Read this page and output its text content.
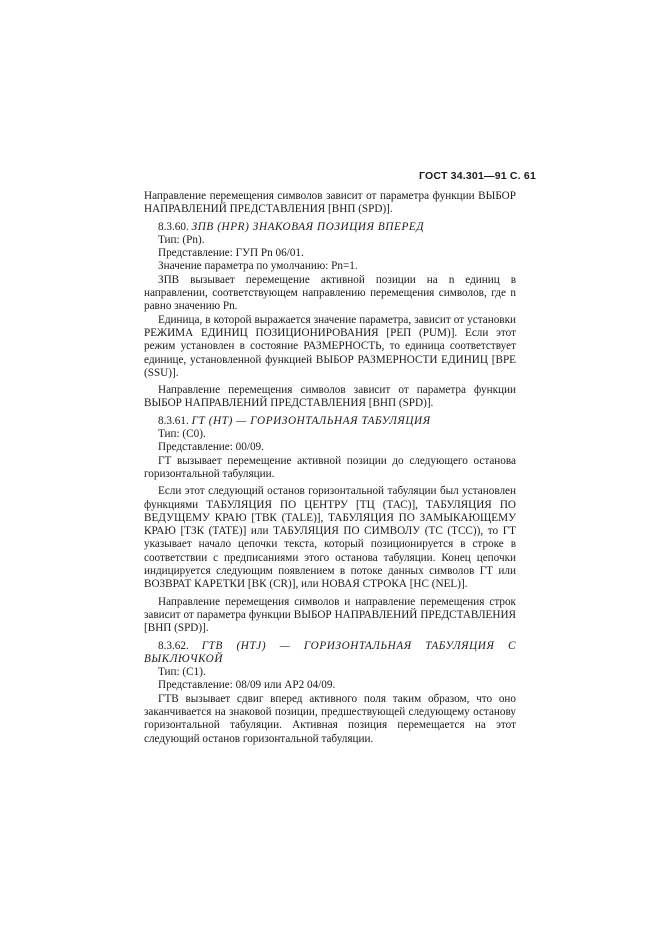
ГОСТ 34.301—91 С. 61

Направление перемещения символов зависит от параметра функции ВЫБОР НАПРАВЛЕНИЙ ПРЕДСТАВЛЕНИЯ [ВНП (SPD)].

8.3.60. ЗПВ (HPR) ЗНАКОВАЯ ПОЗИЦИЯ ВПЕРЕД

Тип: (Pn).

Представление: ГУП Pn 06/01.

Значение параметра по умолчанию: Pn=1.

ЗПВ вызывает перемещение активной позиции на n единиц в направлении, соответствующем направлению перемещения символов, где n равно значению Pn.

Единица, в которой выражается значение параметра, зависит от установки РЕЖИМА ЕДИНИЦ ПОЗИЦИОНИРОВАНИЯ [РЕП (PUM)]. Если этот режим установлен в состояние РАЗМЕРНОСТЬ, то единица соответствует единице, установленной функцией ВЫБОР РАЗМЕРНОСТИ ЕДИНИЦ [ВРЕ (SSU)].

Направление перемещения символов зависит от параметра функции ВЫБОР НАПРАВЛЕНИЙ ПРЕДСТАВЛЕНИЯ [ВНП (SPD)].

8.3.61. ГТ (HT) — ГОРИЗОНТАЛЬНАЯ ТАБУЛЯЦИЯ

Тип: (С0).

Представление: 00/09.

ГТ вызывает перемещение активной позиции до следующего останова горизонтальной табуляции.

Если этот следующий останов горизонтальной табуляции был установлен функциями ТАБУЛЯЦИЯ ПО ЦЕНТРУ [ТЦ (ТАС)], ТАБУЛЯЦИЯ ПО ВЕДУЩЕМУ КРАЮ [ТВК (TALE)], ТАБУЛЯЦИЯ ПО ЗАМЫКАЮЩЕМУ КРАЮ [ТЗК (TATE)] или ТАБУЛЯЦИЯ ПО СИМВОЛУ (ТС (TCC)), то ГТ указывает начало цепочки текста, который позиционируется в строке в соответствии с предписаниями этого останова табуляции. Конец цепочки индицируется следующим появлением в потоке данных символов ГТ или ВОЗВРАТ КАРЕТКИ [ВК (CR)], или НОВАЯ СТРОКА [НС (NEL)].

Направление перемещения символов и направление перемещения строк зависит от параметра функции ВЫБОР НАПРАВЛЕНИЙ ПРЕДСТАВЛЕНИЯ [ВНП (SPD)].

8.3.62. ГТВ (HTJ) — ГОРИЗОНТАЛЬНАЯ ТАБУЛЯЦИЯ С ВЫКЛЮЧКОЙ

Тип: (С1).

Представление: 08/09 или АР2 04/09.

ГТВ вызывает сдвиг вперед активного поля таким образом, что оно заканчивается на знаковой позиции, предшествующей следующему останову горизонтальной табуляции. Активная позиция перемещается на этот следующий останов горизонтальной табуляции.
